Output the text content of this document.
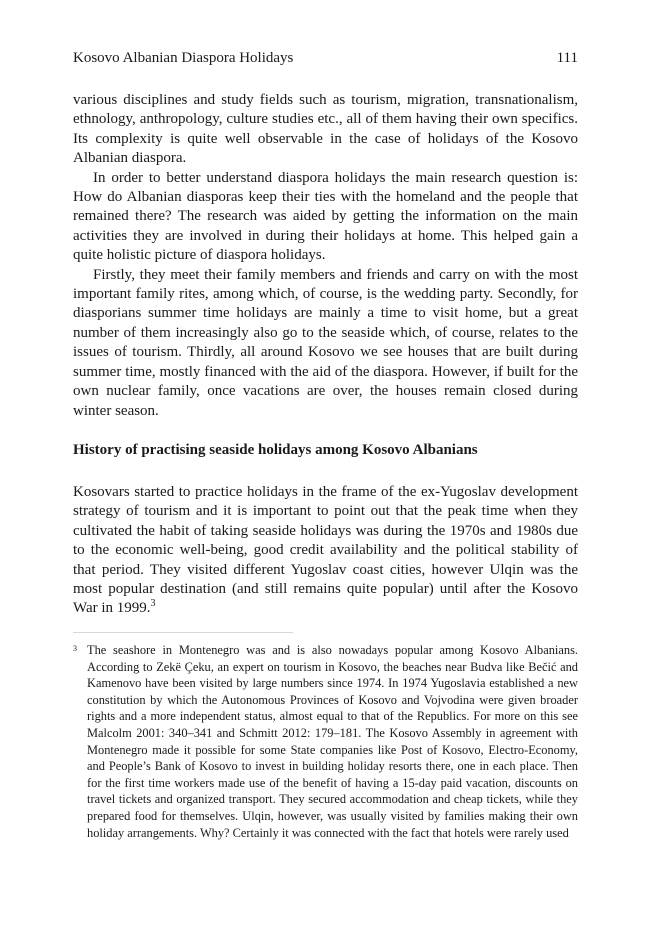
Kosovo Albanian Diaspora Holidays	111

various disciplines and study fields such as tourism, migration, transnationalism, ethnology, anthropology, culture studies etc., all of them having their own specifics. Its complexity is quite well observable in the case of holidays of the Kosovo Albanian diaspora.

In order to better understand diaspora holidays the main research question is: How do Albanian diasporas keep their ties with the homeland and the people that remained there? The research was aided by getting the information on the main activities they are involved in during their holidays at home. This helped gain a quite holistic picture of diaspora holidays.

Firstly, they meet their family members and friends and carry on with the most important family rites, among which, of course, is the wedding party. Secondly, for diasporians summer time holidays are mainly a time to visit home, but a great number of them increasingly also go to the seaside which, of course, relates to the issues of tourism. Thirdly, all around Kosovo we see houses that are built during summer time, mostly financed with the aid of the diaspora. However, if built for the own nuclear family, once vacations are over, the houses remain closed during winter season.

History of practising seaside holidays among Kosovo Albanians

Kosovars started to practice holidays in the frame of the ex-Yugoslav development strategy of tourism and it is important to point out that the peak time when they cultivated the habit of taking seaside holidays was during the 1970s and 1980s due to the economic well-being, good credit availability and the political stability of that period. They visited different Yugoslav coast cities, however Ulqin was the most popular destination (and still remains quite popular) until after the Kosovo War in 1999.$^3$

3 The seashore in Montenegro was and is also nowadays popular among Kosovo Albanians. According to Zekë Çeku, an expert on tourism in Kosovo, the beaches near Budva like Bečić and Kamenovo have been visited by large numbers since 1974. In 1974 Yugoslavia established a new constitution by which the Autonomous Provinces of Kosovo and Vojvodina were given broader rights and a more independent status, almost equal to that of the Republics. For more on this see Malcolm 2001: 340–341 and Schmitt 2012: 179–181. The Kosovo Assembly in agreement with Montenegro made it possible for some State companies like Post of Kosovo, Electro-Economy, and People’s Bank of Kosovo to invest in building holiday resorts there, one in each place. Then for the first time workers made use of the benefit of having a 15-day paid vacation, discounts on travel tickets and organized transport. They secured accommodation and cheap tickets, while they prepared food for themselves. Ulqin, however, was usually visited by families making their own holiday arrangements. Why? Certainly it was connected with the fact that hotels were rarely used
